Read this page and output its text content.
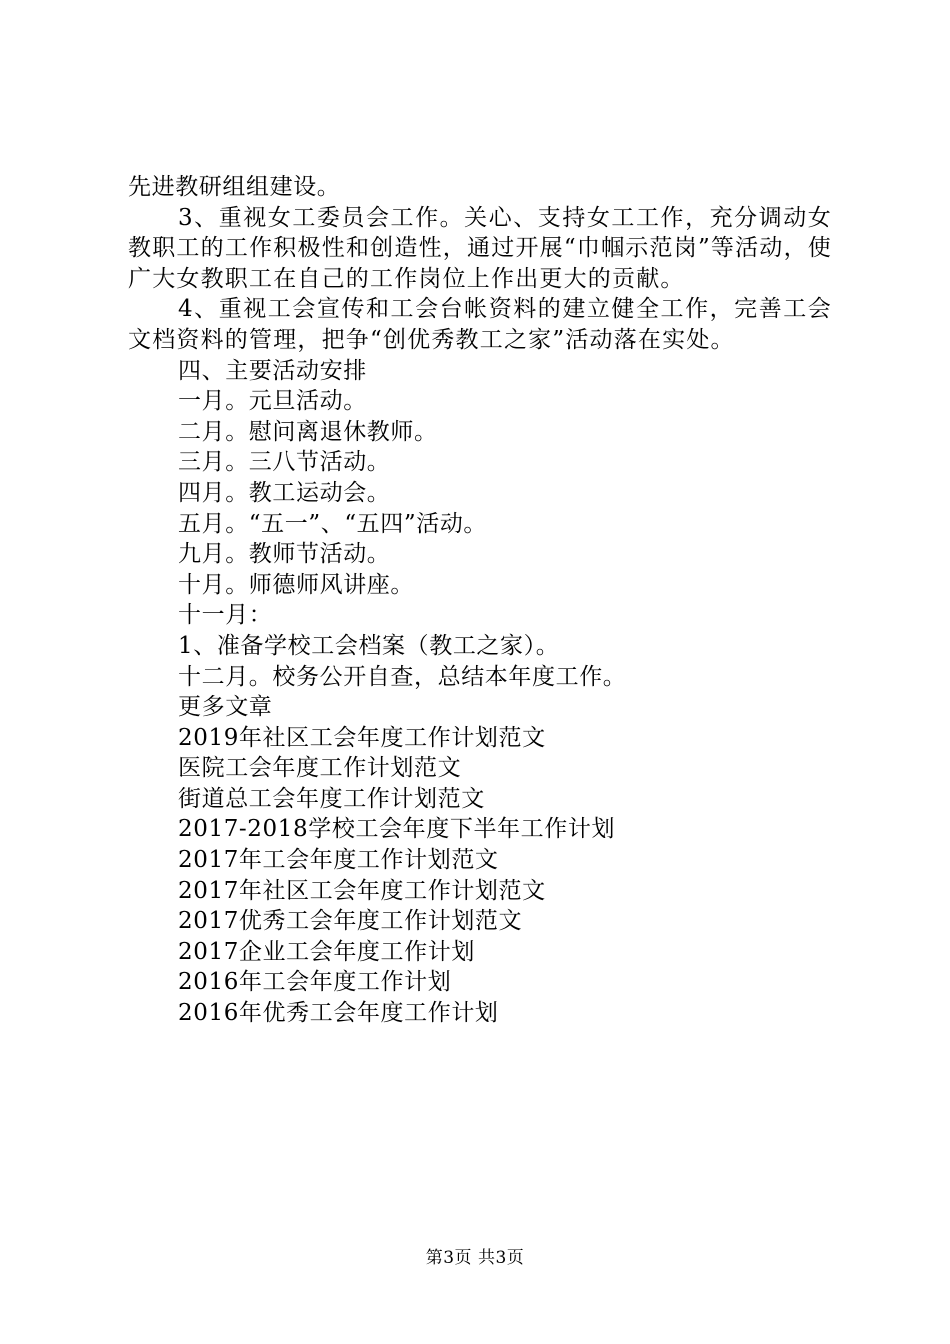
先进教研组组建设。
3、重视女工委员会工作。关心、支持女工工作，充分调动女教职工的工作积极性和创造性，通过开展“巾帼示范岗”等活动，使广大女教职工在自己的工作岗位上作出更大的贡献。
4、重视工会宣传和工会台帐资料的建立健全工作，完善工会文档资料的管理，把争“创优秀教工之家”活动落在实处。
四、主要活动安排
一月。元旦活动。
二月。慰问离退休教师。
三月。三八节活动。
四月。教工运动会。
五月。“五一”、“五四”活动。
九月。教师节活动。
十月。师德师风讲座。
十一月：
1、准备学校工会档案（教工之家）。
十二月。校务公开自查，总结本年度工作。
更多文章
2019年社区工会年度工作计划范文
医院工会年度工作计划范文
街道总工会年度工作计划范文
2017-2018学校工会年度下半年工作计划
2017年工会年度工作计划范文
2017年社区工会年度工作计划范文
2017优秀工会年度工作计划范文
2017企业工会年度工作计划
2016年工会年度工作计划
2016年优秀工会年度工作计划
第3页 共3页
